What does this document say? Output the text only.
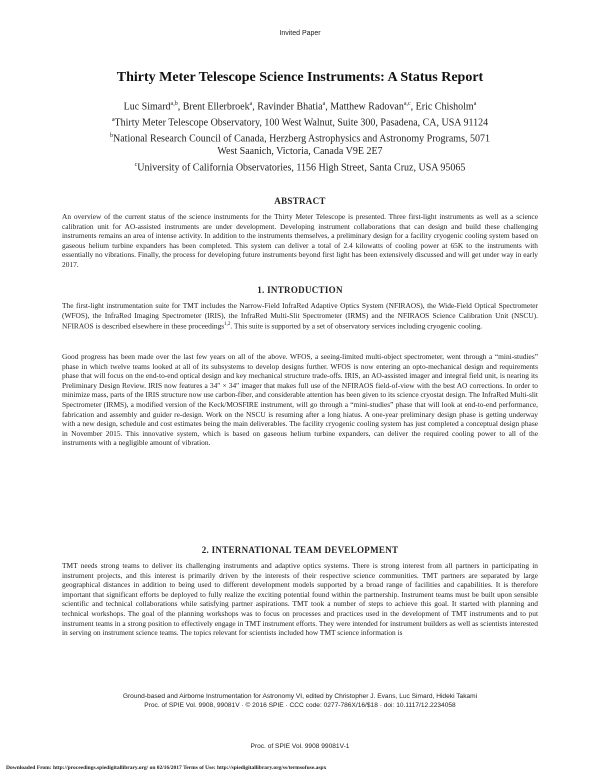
Invited Paper
Thirty Meter Telescope Science Instruments: A Status Report
Luc Simard$^{a,b}$, Brent Ellerbroek$^a$, Ravinder Bhatia$^a$, Matthew Radovan$^{a,c}$, Eric Chisholm$^a$
$^a$Thirty Meter Telescope Observatory, 100 West Walnut, Suite 300, Pasadena, CA, USA 91124
$^b$National Research Council of Canada, Herzberg Astrophysics and Astronomy Programs, 5071
West Saanich, Victoria, Canada V9E 2E7
$^c$University of California Observatories, 1156 High Street, Santa Cruz, USA 95065
ABSTRACT

An overview of the current status of the science instruments for the Thirty Meter Telescope is presented. Three first-light instruments as well as a science calibration unit for AO-assisted instruments are under development. Developing instrument collaborations that can design and build these challenging instruments remains an area of intense activity. In addition to the instruments themselves, a preliminary design for a facility cryogenic cooling system based on gaseous helium turbine expanders has been completed. This system can deliver a total of 2.4 kilowatts of cooling power at 65K to the instruments with essentially no vibrations. Finally, the process for developing future instruments beyond first light has been extensively discussed and will get under way in early 2017.

1. INTRODUCTION

The first-light instrumentation suite for TMT includes the Narrow-Field InfraRed Adaptive Optics System (NFIRAOS), the Wide-Field Optical Spectrometer (WFOS), the InfraRed Imaging Spectrometer (IRIS), the InfraRed Multi-Slit Spectrometer (IRMS) and the NFIRAOS Science Calibration Unit (NSCU). NFIRAOS is described elsewhere in these proceedings$^{1,2}$. This suite is supported by a set of observatory services including cryogenic cooling.

Good progress has been made over the last few years on all of the above. WFOS, a seeing-limited multi-object spectrometer, went through a “mini-studies” phase in which twelve teams looked at all of its subsystems to develop designs further. WFOS is now entering an opto-mechanical design and requirements phase that will focus on the end-to-end optical design and key mechanical structure trade-offs. IRIS, an AO-assisted imager and integral field unit, is nearing its Preliminary Design Review. IRIS now features a 34″ × 34″ imager that makes full use of the NFIRAOS field-of-view with the best AO corrections. In order to minimize mass, parts of the IRIS structure now use carbon-fiber, and considerable attention has been given to its science cryostat design. The InfraRed Multi-slit Spectrometer (IRMS), a modified version of the Keck/MOSFIRE instrument, will go through a “mini-studies” phase that will look at end-to-end performance, fabrication and assembly and guider re-design. Work on the NSCU is resuming after a long hiatus. A one-year preliminary design phase is getting underway with a new design, schedule and cost estimates being the main deliverables. The facility cryogenic cooling system has just completed a conceptual design phase in November 2015. This innovative system, which is based on gaseous helium turbine expanders, can deliver the required cooling power to all of the instruments with a negligible amount of vibration.

2. INTERNATIONAL TEAM DEVELOPMENT

TMT needs strong teams to deliver its challenging instruments and adaptive optics systems. There is strong interest from all partners in participating in instrument projects, and this interest is primarily driven by the interests of their respective science communities. TMT partners are separated by large geographical distances in addition to being used to different development models supported by a broad range of facilities and capabilities. It is therefore important that significant efforts be deployed to fully realize the exciting potential found within the partnership. Instrument teams must be built upon sensible scientific and technical collaborations while satisfying partner aspirations. TMT took a number of steps to achieve this goal. It started with planning and technical workshops. The goal of the planning workshops was to focus on processes and practices used in the development of TMT instruments and to put instrument teams in a strong position to effectively engage in TMT instrument efforts. They were intended for instrument builders as well as scientists interested in serving on instrument science teams. The topics relevant for scientists included how TMT science information is

Ground-based and Airborne Instrumentation for Astronomy VI, edited by Christopher J. Evans, Luc Simard, Hideki Takami
Proc. of SPIE Vol. 9908, 99081V · © 2016 SPIE · CCC code: 0277-786X/16/$18 · doi: 10.1117/12.2234058
Proc. of SPIE Vol. 9908 99081V-1
Downloaded From: http://proceedings.spiedigitallibrary.org/ on 02/16/2017 Terms of Use: http://spiedigitallibrary.org/ss/termsofuse.aspx
